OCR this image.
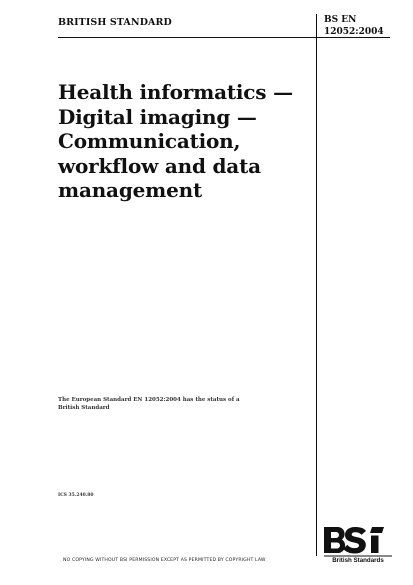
BRITISH STANDARD	BS EN
12052:2004
Health informatics —
Digital imaging —
Communication,
workflow and data
management
The European Standard EN 12052:2004 has the status of a
British Standard
ICS 35.240.80
NO COPYING WITHOUT BSI PERMISSION EXCEPT AS PERMITTED BY COPYRIGHT LAW	British Standards
